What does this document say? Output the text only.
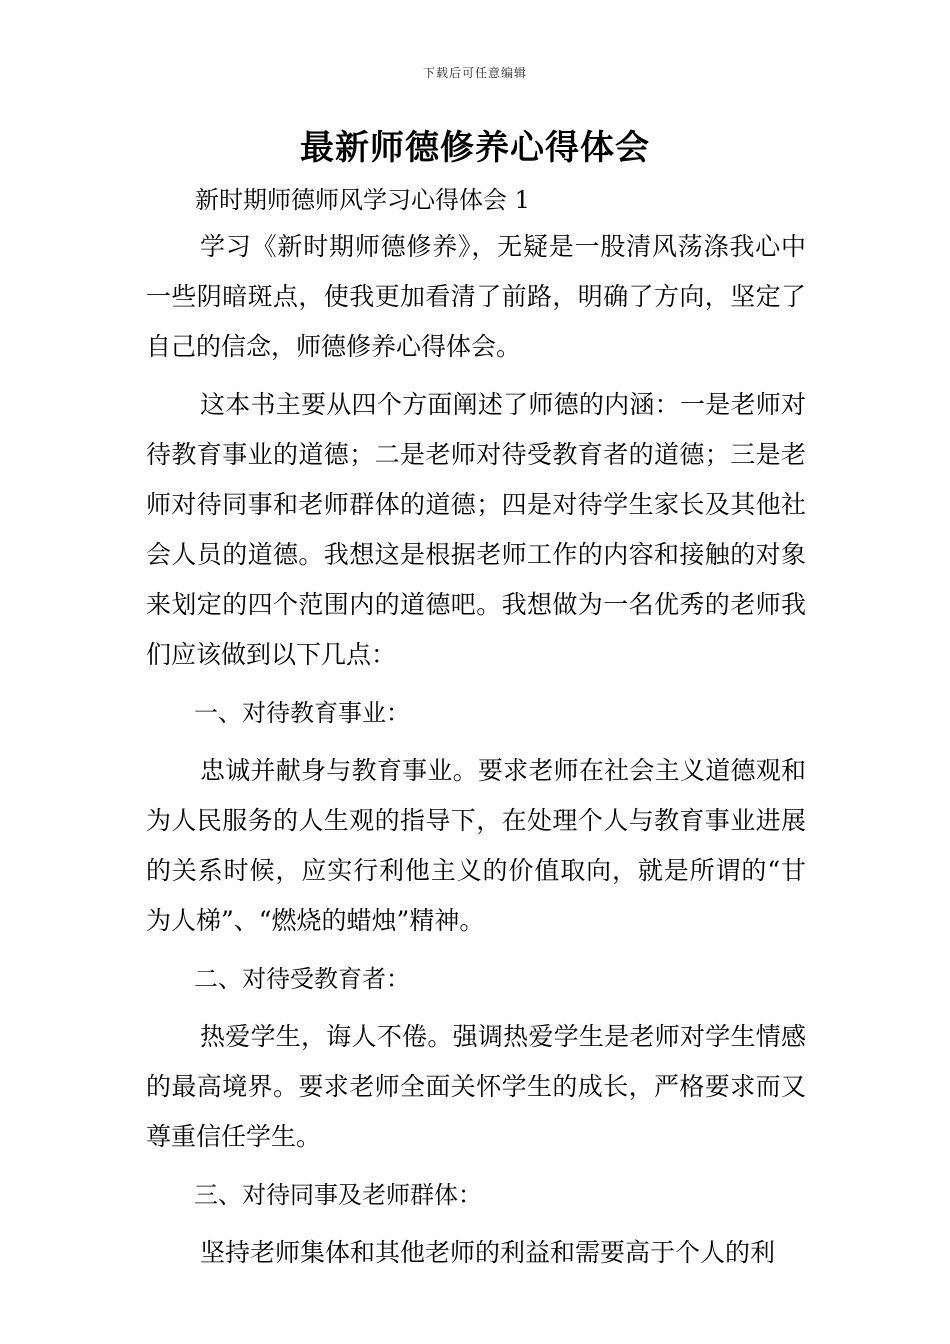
下载后可任意编辑
最新师德修养心得体会

新时期师德师风学习心得体会 1

学习《新时期师德修养》，无疑是一股清风荡涤我心中一些阴暗斑点，使我更加看清了前路，明确了方向，坚定了自己的信念，师德修养心得体会。

这本书主要从四个方面阐述了师德的内涵：一是老师对待教育事业的道德；二是老师对待受教育者的道德；三是老师对待同事和老师群体的道德；四是对待学生家长及其他社会人员的道德。我想这是根据老师工作的内容和接触的对象来划定的四个范围内的道德吧。我想做为一名优秀的老师我们应该做到以下几点：

一、对待教育事业：

忠诚并献身与教育事业。要求老师在社会主义道德观和为人民服务的人生观的指导下，在处理个人与教育事业进展的关系时候，应实行利他主义的价值取向，就是所谓的“甘为人梯”、“燃烧的蜡烛”精神。

二、对待受教育者：

热爱学生，诲人不倦。强调热爱学生是老师对学生情感的最高境界。要求老师全面关怀学生的成长，严格要求而又尊重信任学生。

三、对待同事及老师群体：

坚持老师集体和其他老师的利益和需要高于个人的利
